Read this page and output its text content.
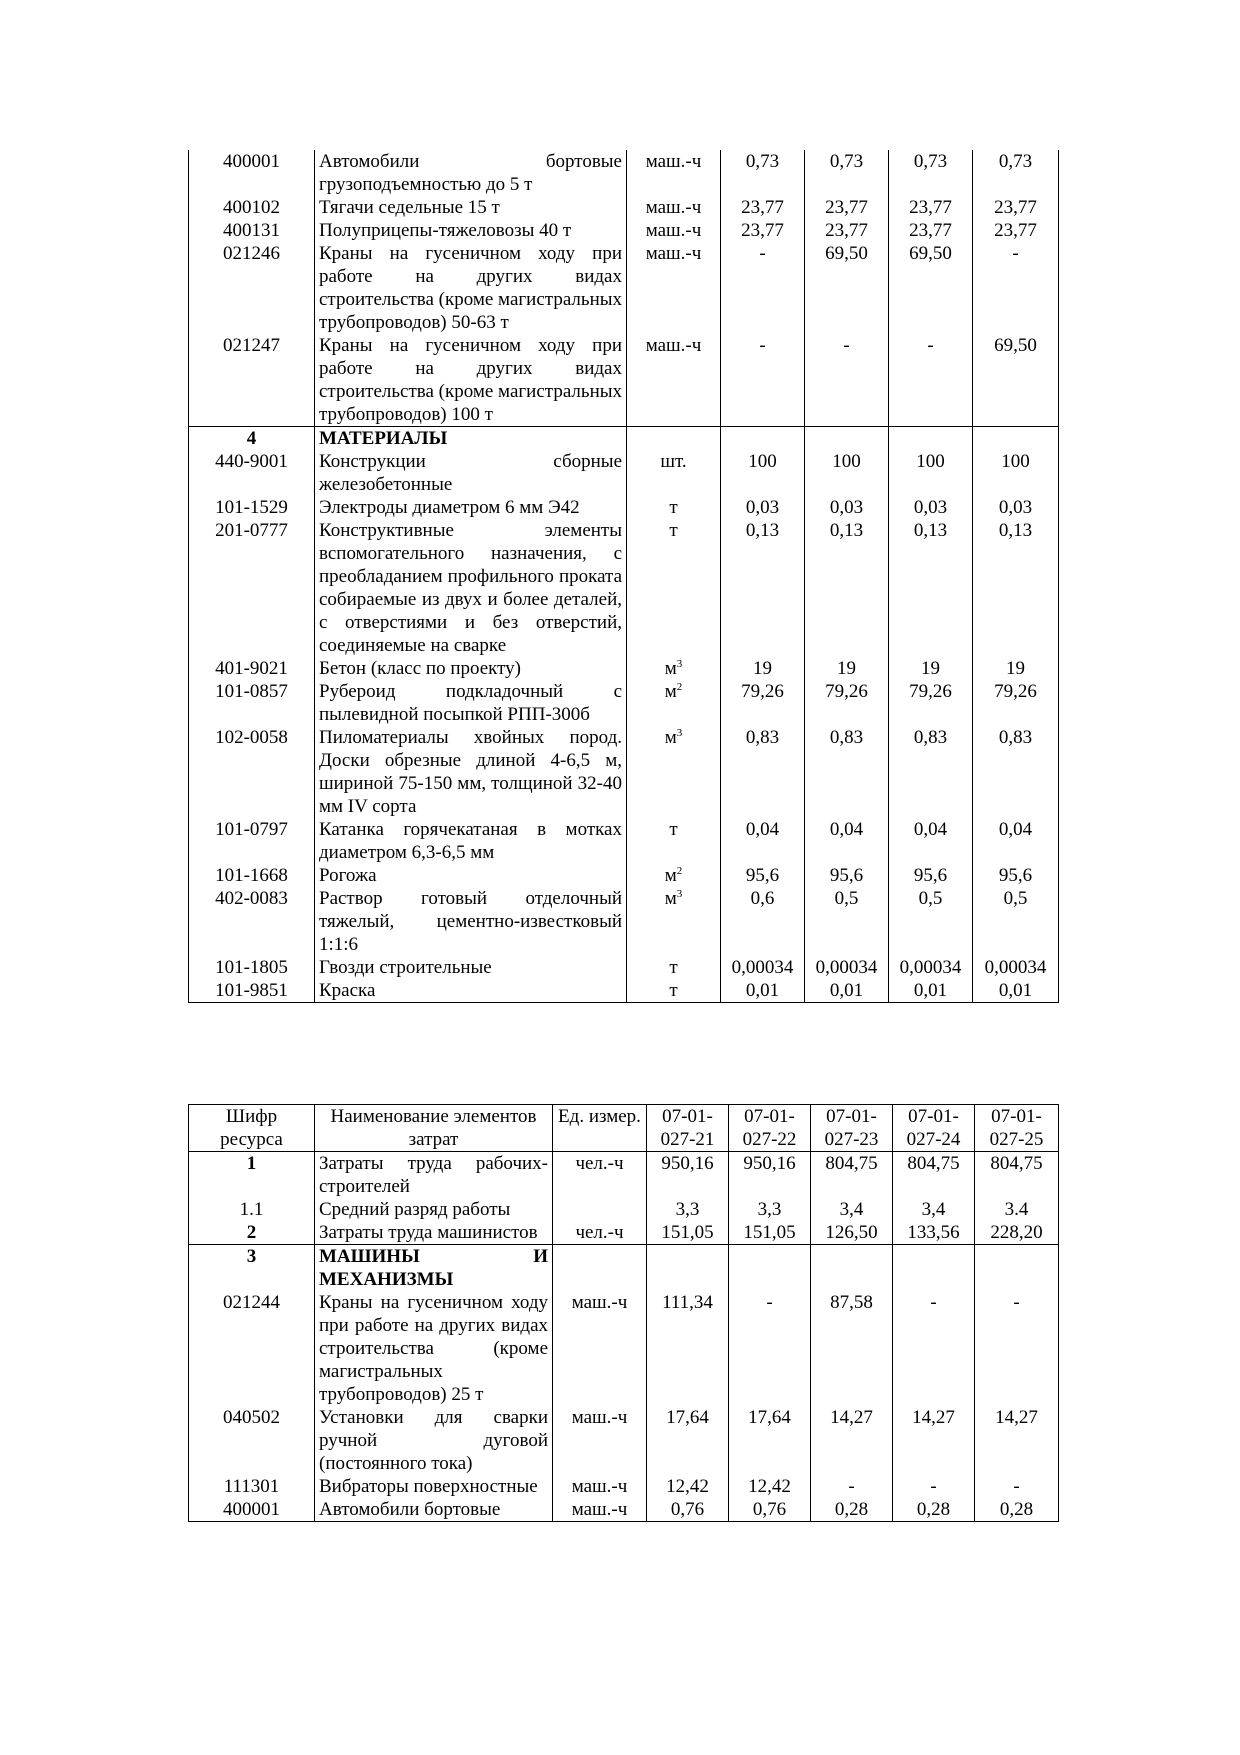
400001	Автомобили бортовые грузоподъемностью до 5 т	маш.-ч	0,73	0,73	0,73	0,73
400102	Тягачи седельные 15 т	маш.-ч	23,77	23,77	23,77	23,77
400131	Полуприцепы-тяжеловозы 40 т	маш.-ч	23,77	23,77	23,77	23,77
021246	Краны на гусеничном ходу при работе на других видах строительства (кроме магистральных трубопроводов) 50-63 т	маш.-ч	-	69,50	69,50	-
021247	Краны на гусеничном ходу при работе на других видах строительства (кроме магистральных трубопроводов) 100 т	маш.-ч	-	-	-	69,50
4	МАТЕРИАЛЫ					
440-9001	Конструкции сборные железобетонные	шт.	100	100	100	100
101-1529	Электроды диаметром 6 мм Э42	т	0,03	0,03	0,03	0,03
201-0777	Конструктивные элементы вспомогательного назначения, с преобладанием профильного проката собираемые из двух и более деталей, с отверстиями и без отверстий, соединяемые на сварке	т	0,13	0,13	0,13	0,13
401-9021	Бетон (класс по проекту)	$м^3$	19	19	19	19
101-0857	Рубероид подкладочный с пылевидной посыпкой РПП-300б	$м^2$	79,26	79,26	79,26	79,26
102-0058	Пиломатериалы хвойных пород. Доски обрезные длиной 4-6,5 м, шириной 75-150 мм, толщиной 32-40 мм IV сорта	$м^3$	0,83	0,83	0,83	0,83
101-0797	Катанка горячекатаная в мотках диаметром 6,3-6,5 мм	т	0,04	0,04	0,04	0,04
101-1668	Рогожа	$м^2$	95,6	95,6	95,6	95,6
402-0083	Раствор готовый отделочный тяжелый, цементно-известковый 1:1:6	$м^3$	0,6	0,5	0,5	0,5
101-1805	Гвозди строительные	т	0,00034	0,00034	0,00034	0,00034
101-9851	Краска	т	0,01	0,01	0,01	0,01
Шифр ресурса	Наименование элементов затрат	Ед. измер.	07-01-027-21	07-01-027-22	07-01-027-23	07-01-027-24	07-01-027-25
1	Затраты труда рабочих-строителей	чел.-ч	950,16	950,16	804,75	804,75	804,75
1.1	Средний разряд работы		3,3	3,3	3,4	3,4	3.4
2	Затраты труда машинистов	чел.-ч	151,05	151,05	126,50	133,56	228,20
3	МАШИНЫ И МЕХАНИЗМЫ						
021244	Краны на гусеничном ходу при работе на других видах строительства (кроме магистральных трубопроводов) 25 т	маш.-ч	111,34	-	87,58	-	-
040502	Установки для сварки ручной дуговой (постоянного тока)	маш.-ч	17,64	17,64	14,27	14,27	14,27
111301	Вибраторы поверхностные	маш.-ч	12,42	12,42	-	-	-
400001	Автомобили бортовые	маш.-ч	0,76	0,76	0,28	0,28	0,28
